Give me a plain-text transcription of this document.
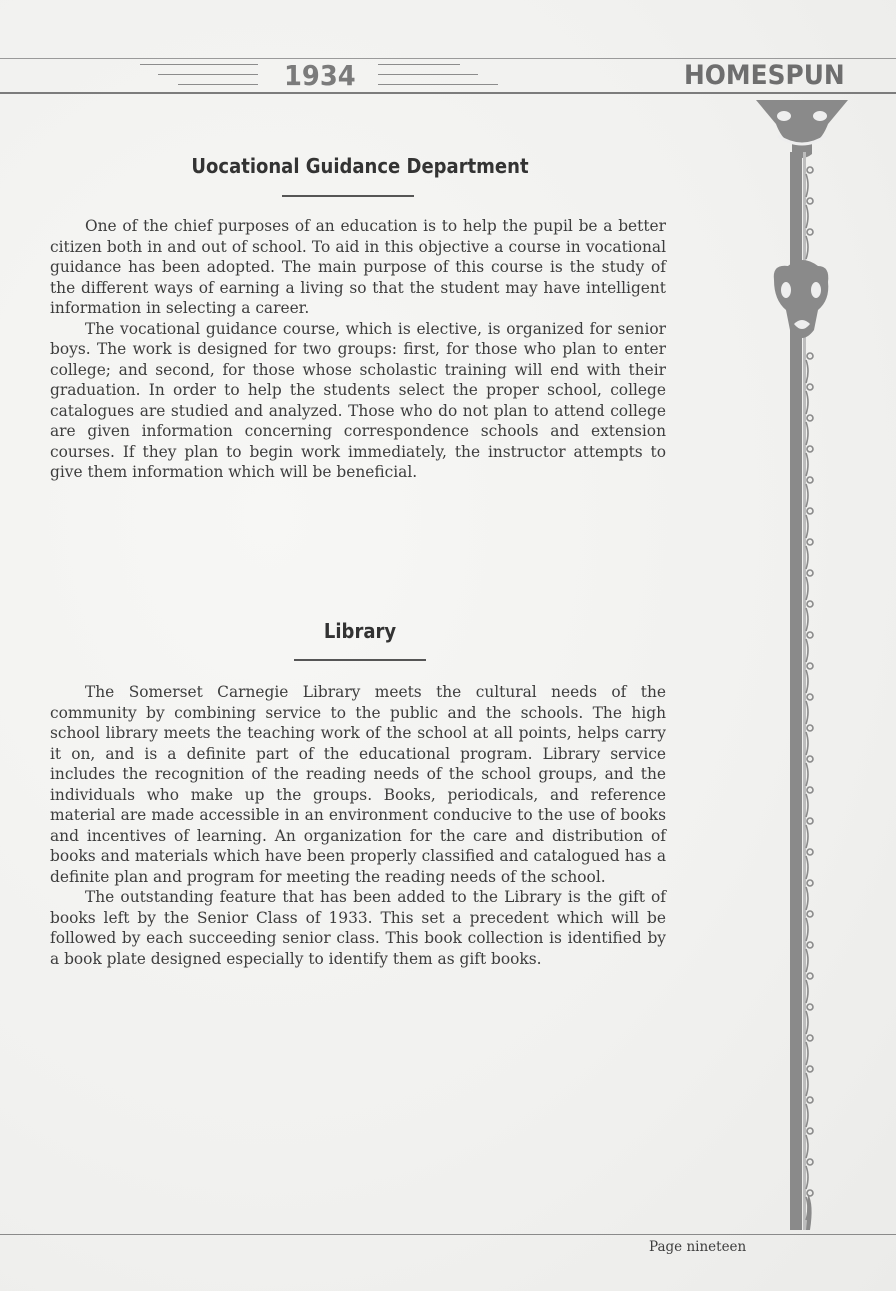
1934	HOMESPUN
Uocational Guidance Department

One of the chief purposes of an education is to help the pupil be a better citizen both in and out of school. To aid in this objective a course in vocational guidance has been adopted. The main purpose of this course is the study of the different ways of earning a living so that the student may have intelligent information in selecting a career.

The vocational guidance course, which is elective, is organized for senior boys. The work is designed for two groups: first, for those who plan to enter college; and second, for those whose scholastic training will end with their graduation. In order to help the students select the proper school, college catalogues are studied and analyzed. Those who do not plan to attend college are given information concerning correspondence schools and extension courses. If they plan to begin work immediately, the instructor attempts to give them information which will be beneficial.

Library

The Somerset Carnegie Library meets the cultural needs of the community by combining service to the public and the schools. The high school library meets the teaching work of the school at all points, helps carry it on, and is a definite part of the educational program. Library service includes the recognition of the reading needs of the school groups, and the individuals who make up the groups. Books, periodicals, and reference material are made accessible in an environment conducive to the use of books and incentives of learning. An organization for the care and distribution of books and materials which have been properly classified and catalogued has a definite plan and program for meeting the reading needs of the school.

The outstanding feature that has been added to the Library is the gift of books left by the Senior Class of 1933. This set a precedent which will be followed by each succeeding senior class. This book collection is identified by a book plate designed especially to identify them as gift books.

Page nineteen
